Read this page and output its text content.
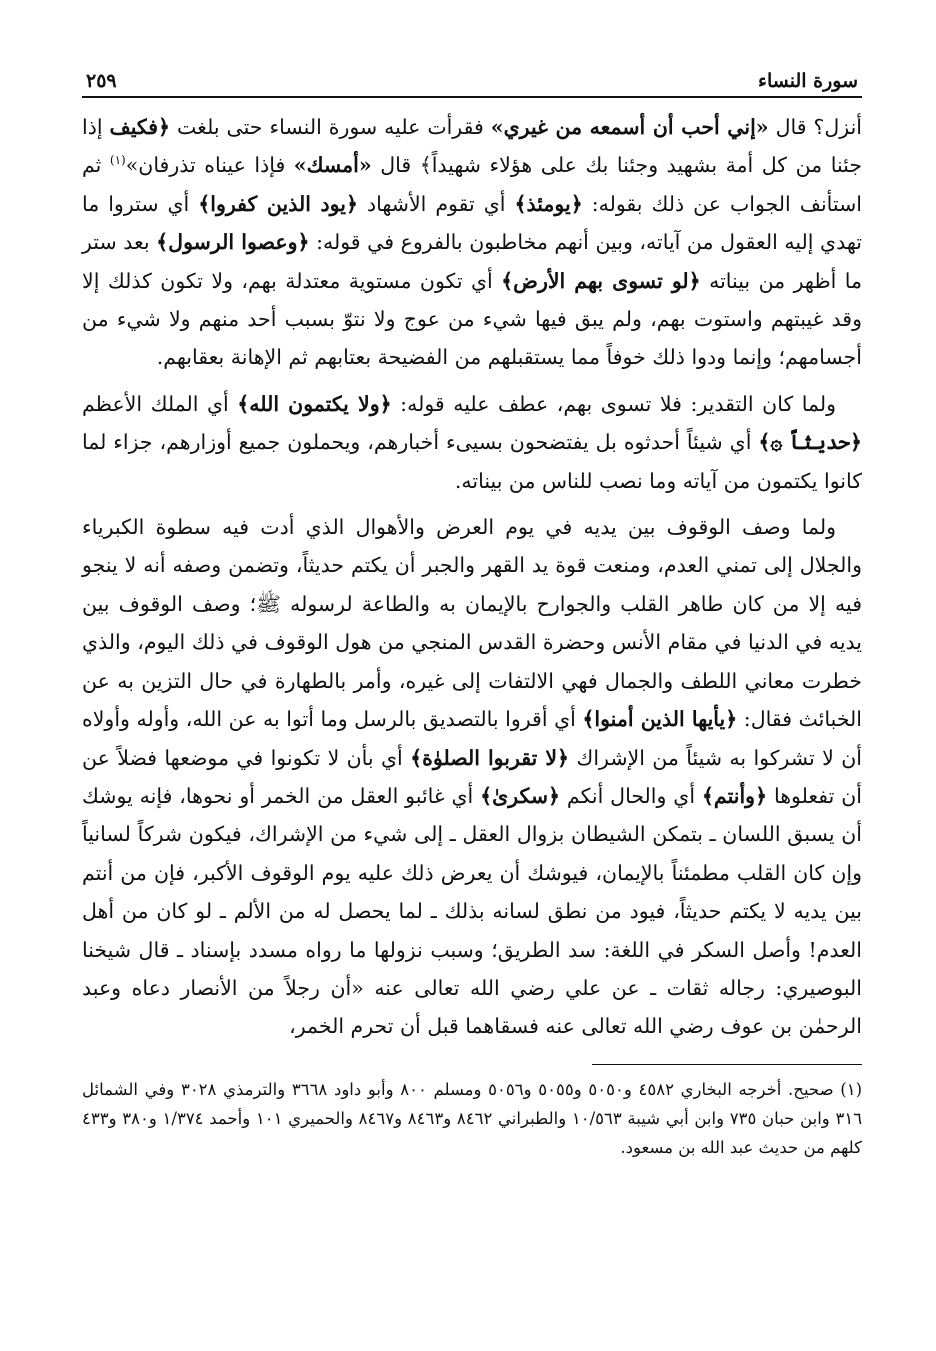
سورة النساء
٢٥٩

أنزل؟ قال «إني أحب أن أسمعه من غيري» فقرأت عليه سورة النساء حتى بلغت ﴿فكيف إذا جئنا من كل أمة بشهيد وجئنا بك على هؤلاء شهيداً﴾ قال «أمسك» فإذا عيناه تذرفان»$^{(١)}$ ثم استأنف الجواب عن ذلك بقوله: ﴿يومئذ﴾ أي تقوم الأشهاد ﴿يود الذين كفروا﴾ أي ستروا ما تهدي إليه العقول من آياته، وبين أنهم مخاطبون بالفروع في قوله: ﴿وعصوا الرسول﴾ بعد ستر ما أظهر من بيناته ﴿لو تسوى بهم الأرض﴾ أي تكون مستوية معتدلة بهم، ولا تكون كذلك إلا وقد غيبتهم واستوت بهم، ولم يبق فيها شيء من عوج ولا نتوّ بسبب أحد منهم ولا شيء من أجسامهم؛ وإنما ودوا ذلك خوفاً مما يستقبلهم من الفضيحة بعتابهم ثم الإهانة بعقابهم.

ولما كان التقدير: فلا تسوى بهم، عطف عليه قوله: ﴿ولا يكتمون الله﴾ أي الملك الأعظم ﴿حديثاً ۞﴾ أي شيئاً أحدثوه بل يفتضحون بسيىء أخبارهم، ويحملون جميع أوزارهم، جزاء لما كانوا يكتمون من آياته وما نصب للناس من بيناته.

ولما وصف الوقوف بين يديه في يوم العرض والأهوال الذي أدت فيه سطوة الكبرياء والجلال إلى تمني العدم، ومنعت قوة يد القهر والجبر أن يكتم حديثاً، وتضمن وصفه أنه لا ينجو فيه إلا من كان طاهر القلب والجوارح بالإيمان به والطاعة لرسوله ﷺ؛ وصف الوقوف بين يديه في الدنيا في مقام الأنس وحضرة القدس المنجي من هول الوقوف في ذلك اليوم، والذي خطرت معاني اللطف والجمال فهي الالتفات إلى غيره، وأمر بالطهارة في حال التزين به عن الخبائث فقال: ﴿يأيها الذين أمنوا﴾ أي أقروا بالتصديق بالرسل وما أتوا به عن الله، وأوله وأولاه أن لا تشركوا به شيئاً من الإشراك ﴿لا تقربوا الصلوٰة﴾ أي بأن لا تكونوا في موضعها فضلاً عن أن تفعلوها ﴿وأنتم﴾ أي والحال أنكم ﴿سكرىٰ﴾ أي غائبو العقل من الخمر أو نحوها، فإنه يوشك أن يسبق اللسان ـ بتمكن الشيطان بزوال العقل ـ إلى شيء من الإشراك، فيكون شركاً لسانياً وإن كان القلب مطمئناً بالإيمان، فيوشك أن يعرض ذلك عليه يوم الوقوف الأكبر، فإن من أنتم بين يديه لا يكتم حديثاً، فيود من نطق لسانه بذلك ـ لما يحصل له من الألم ـ لو كان من أهل العدم! وأصل السكر في اللغة: سد الطريق؛ وسبب نزولها ما رواه مسدد بإسناد ـ قال شيخنا البوصيري: رجاله ثقات ـ عن علي رضي الله تعالى عنه «أن رجلاً من الأنصار دعاه وعبد الرحمٰن بن عوف رضي الله تعالى عنه فسقاهما قبل أن تحرم الخمر،

(١) صحيح. أخرجه البخاري ٤٥٨٢ و٥٠٥٠ و٥٠٥٥ و٥٠٥٦ ومسلم ٨٠٠ وأبو داود ٣٦٦٨ والترمذي ٣٠٢٨ وفي الشمائل ٣١٦ وابن حبان ٧٣٥ وابن أبي شيبة ١٠/٥٦٣ والطبراني ٨٤٦٢ و٨٤٦٣ و٨٤٦٧ والحميري ١٠١ وأحمد ١/٣٧٤ و٣٨٠ و٤٣٣ كلهم من حديث عبد الله بن مسعود.
